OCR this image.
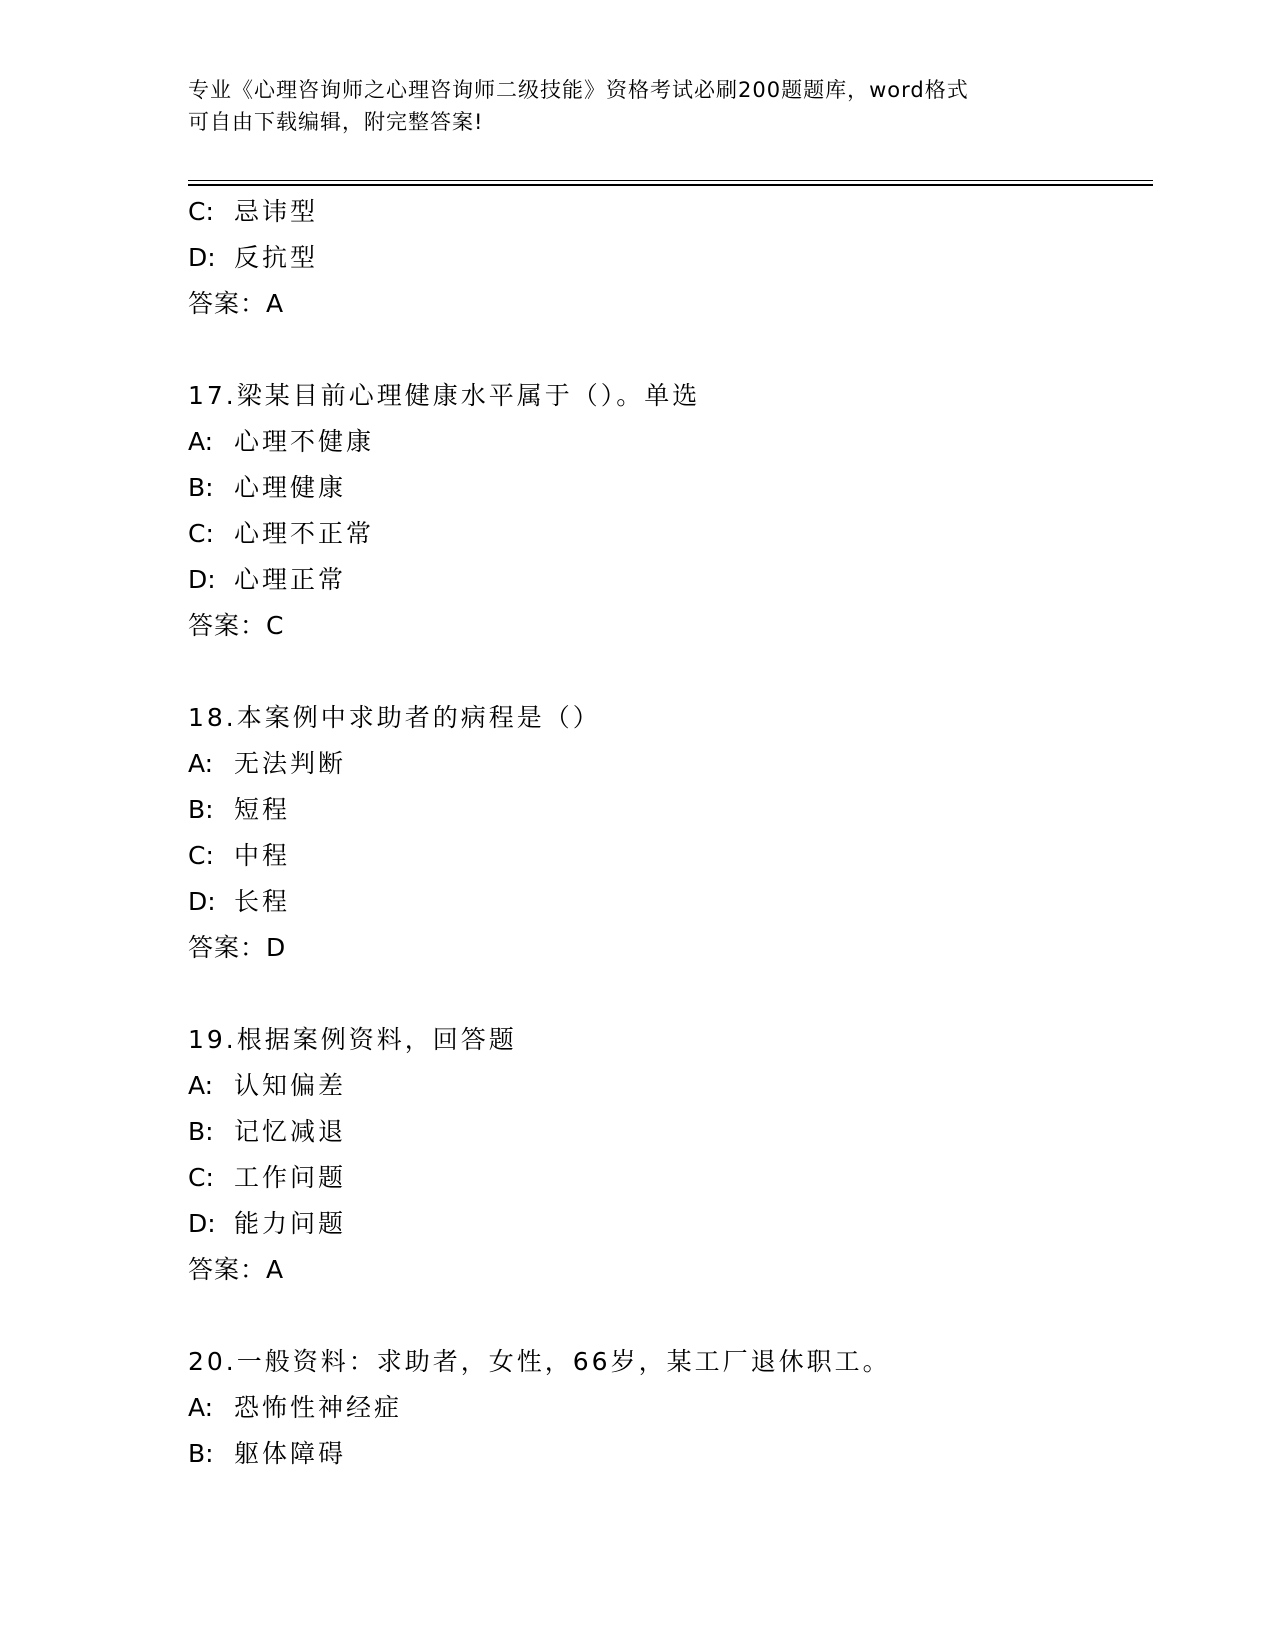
专业《心理咨询师之心理咨询师二级技能》资格考试必刷200题题库，word格式
可自由下载编辑，附完整答案!
C: 忌讳型
D: 反抗型
答案：A
17.梁某目前心理健康水平属于（）。单选
A: 心理不健康
B: 心理健康
C: 心理不正常
D: 心理正常
答案：C
18.本案例中求助者的病程是（）
A: 无法判断
B: 短程
C: 中程
D: 长程
答案：D
19.根据案例资料，回答题
A: 认知偏差
B: 记忆减退
C: 工作问题
D: 能力问题
答案：A
20.一般资料：求助者，女性，66岁，某工厂退休职工。
A: 恐怖性神经症
B: 躯体障碍
